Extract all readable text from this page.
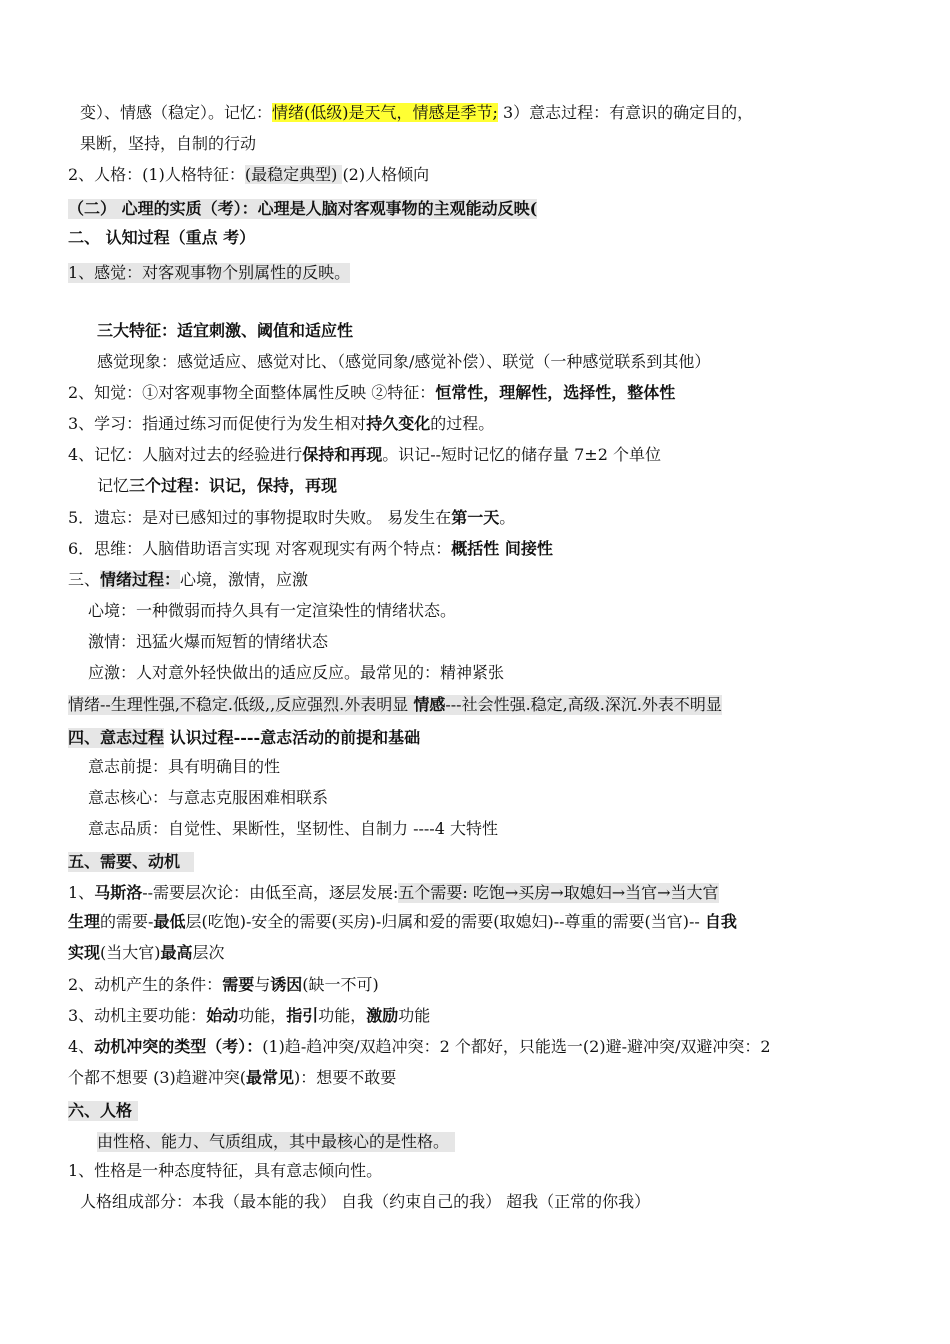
变）、情感（稳定）。记忆：情绪(低级)是天气，情感是季节; 3）意志过程：有意识的确定目的，
果断，坚持，自制的行动
2、人格：(1)人格特征：(最稳定典型) (2)人格倾向
（二） 心理的实质（考）：心理是人脑对客观事物的主观能动反映(
二、 认知过程（重点 考）
1、感觉：对客观事物个别属性的反映。
三大特征：适宜刺激、阈值和适应性
感觉现象：感觉适应、感觉对比、（感觉同象/感觉补偿）、联觉（一种感觉联系到其他）
2、知觉：①对客观事物全面整体属性反映 ②特征：恒常性，理解性，选择性，整体性
3、学习：指通过练习而促使行为发生相对持久变化的过程。
4、记忆：人脑对过去的经验进行保持和再现。识记--短时记忆的储存量 7±2 个单位
记忆三个过程：识记，保持，再现
5．遗忘：是对已感知过的事物提取时失败。 易发生在第一天。
6．思维：人脑借助语言实现 对客观现实有两个特点：概括性 间接性
三、情绪过程：心境，激情，应激
心境：一种微弱而持久具有一定渲染性的情绪状态。
激情：迅猛火爆而短暂的情绪状态
应激：人对意外轻快做出的适应反应。最常见的：精神紧张
情绪--生理性强,不稳定.低级,,反应强烈.外表明显 情感---社会性强.稳定,高级.深沉.外表不明显
四、意志过程 认识过程----意志活动的前提和基础
意志前提：具有明确目的性
意志核心：与意志克服困难相联系
意志品质：自觉性、果断性，坚韧性、自制力 ----4 大特性
五、需要、动机
1、马斯洛--需要层次论：由低至高，逐层发展:五个需要: 吃饱→买房→取媳妇→当官→当大官
生理的需要-最低层(吃饱)-安全的需要(买房)-归属和爱的需要(取媳妇)--尊重的需要(当官)-- 自我
实现(当大官)最高层次
2、动机产生的条件：需要与诱因(缺一不可)
3、动机主要功能：始动功能，指引功能，激励功能
4、动机冲突的类型（考）：(1)趋-趋冲突/双趋冲突：2 个都好，只能选一(2)避-避冲突/双避冲突：2
个都不想要 (3)趋避冲突(最常见)：想要不敢要
六、人格
由性格、能力、气质组成，其中最核心的是性格。
1、性格是一种态度特征，具有意志倾向性。
人格组成部分：本我（最本能的我） 自我（约束自己的我） 超我（正常的你我）
